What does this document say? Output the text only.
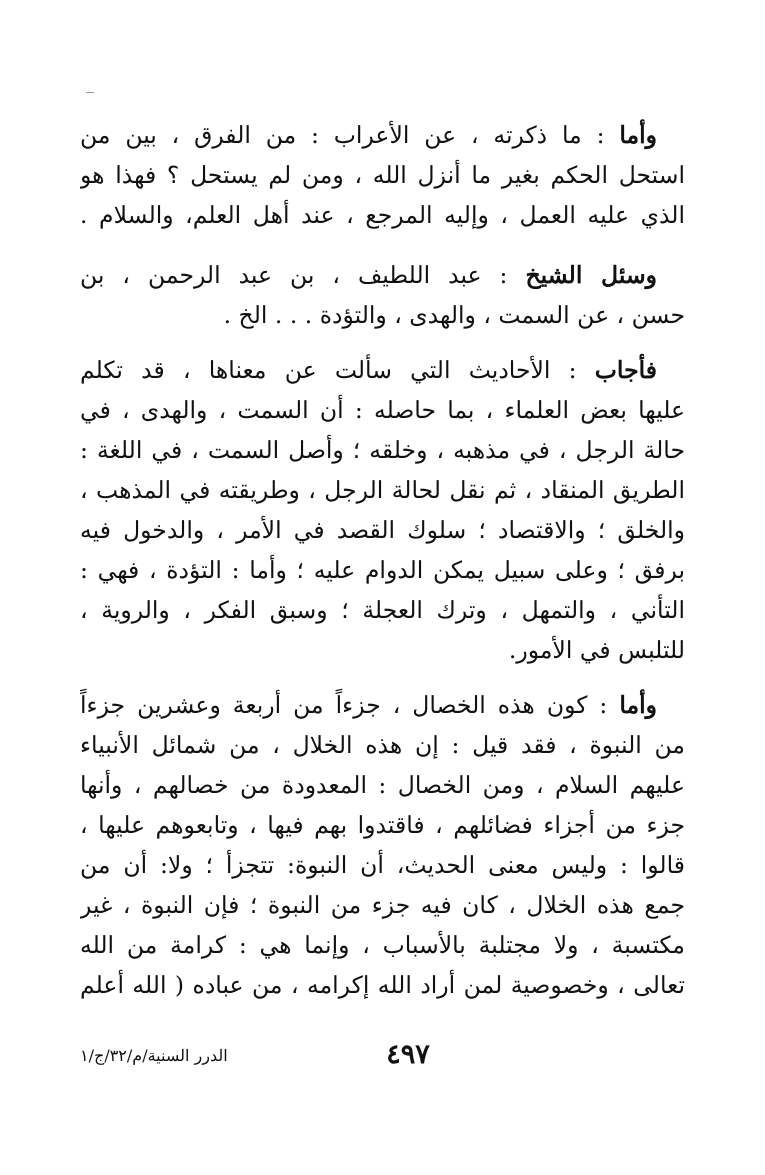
وأما : ما ذكرته ، عن الأعراب : من الفرق ، بين من
استحل الحكم بغير ما أنزل الله ، ومن لم يستحل ؟ فهذا هو
الذي عليه العمل ، وإليه المرجع ، عند أهل العلم، والسلام .
وسئل الشيخ : عبد اللطيف ، بن عبد الرحمن ، بن
حسن ، عن السمت ، والهدى ، والتؤدة . . . الخ .
فأجاب : الأحاديث التي سألت عن معناها ، قد تكلم
عليها بعض العلماء ، بما حاصله : أن السمت ، والهدى ، في
حالة الرجل ، في مذهبه ، وخلقه ؛ وأصل السمت ، في اللغة :
الطريق المنقاد ، ثم نقل لحالة الرجل ، وطريقته في المذهب ،
والخلق ؛ والاقتصاد ؛ سلوك القصد في الأمر ، والدخول فيه
برفق ؛ وعلى سبيل يمكن الدوام عليه ؛ وأما : التؤدة ، فهي :
التأني ، والتمهل ، وترك العجلة ؛ وسبق الفكر ، والروية ،
للتلبس في الأمور.
وأما : كون هذه الخصال ، جزءاً من أربعة وعشرين جزءاً
من النبوة ، فقد قيل : إن هذه الخلال ، من شمائل الأنبياء
عليهم السلام ، ومن الخصال : المعدودة من خصالهم ، وأنها
جزء من أجزاء فضائلهم ، فاقتدوا بهم فيها ، وتابعوهم عليها ،
قالوا : وليس معنى الحديث، أن النبوة: تتجزأ ؛ ولا: أن من
جمع هذه الخلال ، كان فيه جزء من النبوة ؛ فإن النبوة ، غير
مكتسبة ، ولا مجتلبة بالأسباب ، وإنما هي : كرامة من الله
تعالى ، وخصوصية لمن أراد الله إكرامه ، من عباده ( الله أعلم
٤٩٧
الدرر السنية/م/٣٢/ج/١
